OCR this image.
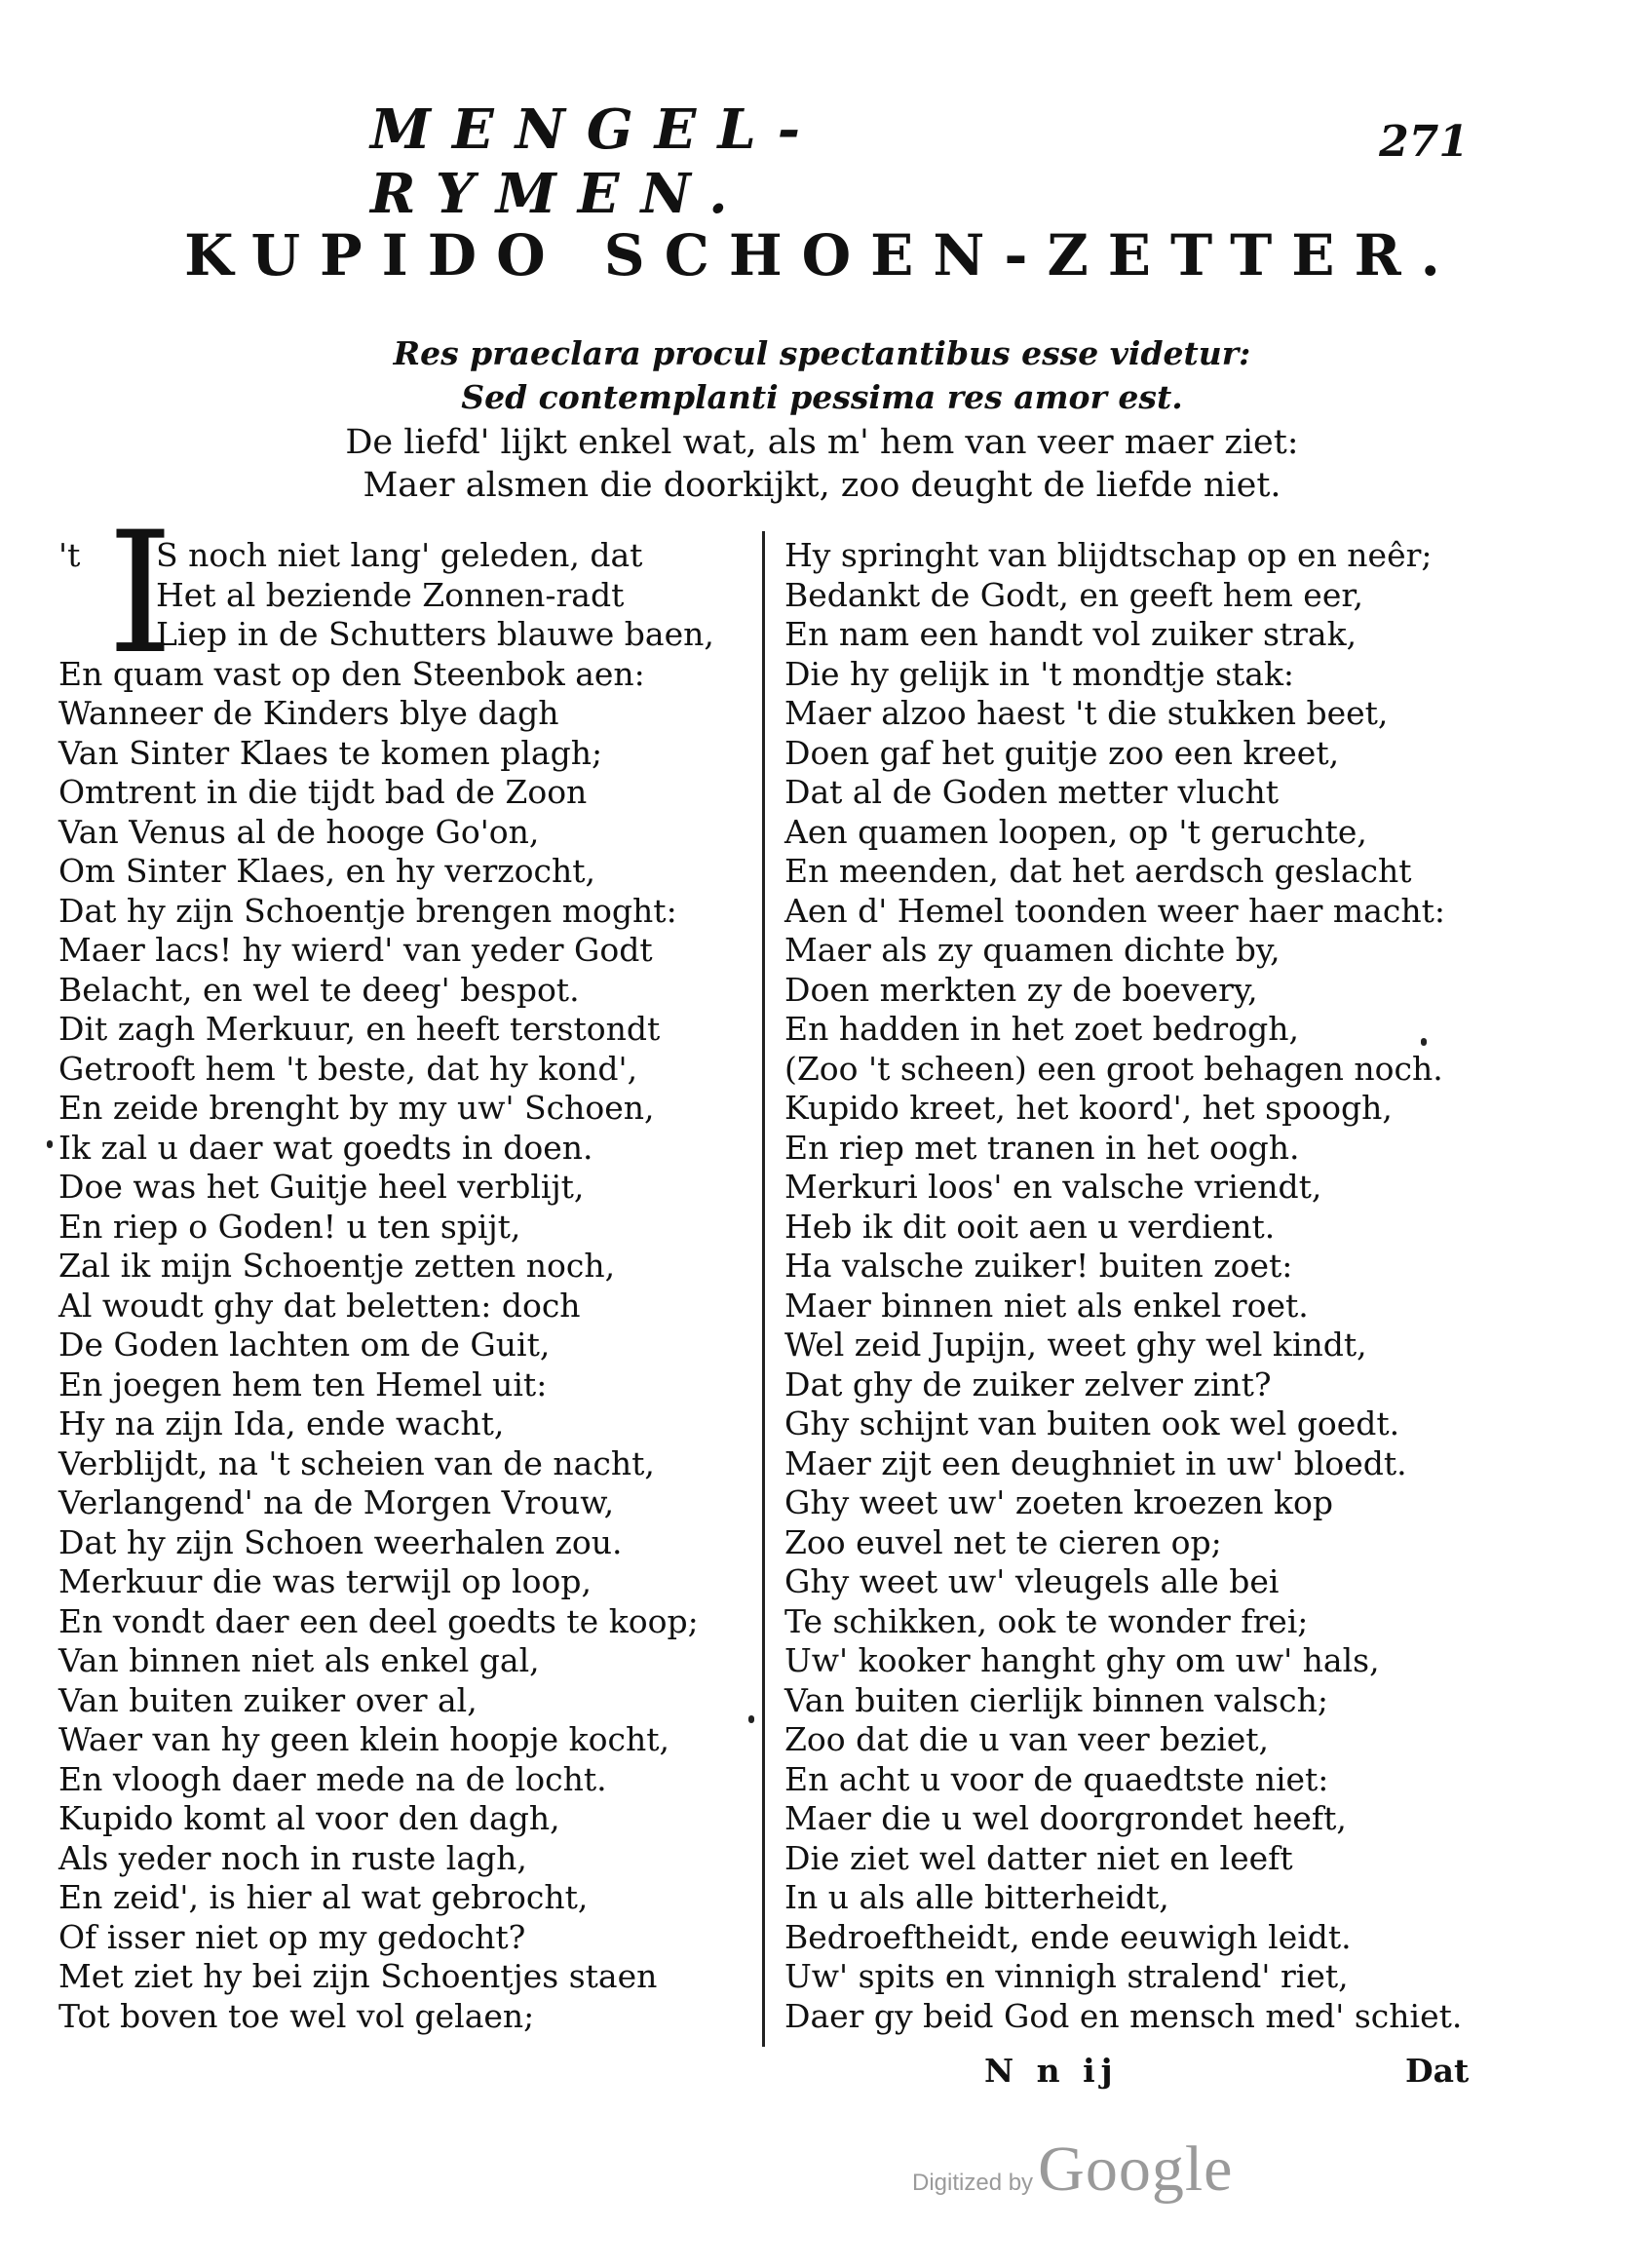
MENGEL-RYMEN.
271
KUPIDO SCHOEN-ZETTER.
Res praeclara procul spectantibus esse videtur:
Sed contemplanti pessima res amor est.
De liefd' lijkt enkel wat, als m' hem van veer maer ziet:
Maer alsmen die doorkijkt, zoo deught de liefde niet.
't I
S noch niet lang' geleden, dat
Het al beziende Zonnen-radt
Liep in de Schutters blauwe baen,
En quam vast op den Steenbok aen:
Wanneer de Kinders blye dagh
Van Sinter Klaes te komen plagh;
Omtrent in die tijdt bad de Zoon
Van Venus al de hooge Go'on,
Om Sinter Klaes, en hy verzocht,
Dat hy zijn Schoentje brengen moght:
Maer lacs! hy wierd' van yeder Godt
Belacht, en wel te deeg' bespot.
Dit zagh Merkuur, en heeft terstondt
Getrooft hem 't beste, dat hy kond',
En zeide brenght by my uw' Schoen,
Ik zal u daer wat goedts in doen.
Doe was het Guitje heel verblijt,
En riep o Goden! u ten spijt,
Zal ik mijn Schoentje zetten noch,
Al woudt ghy dat beletten: doch
De Goden lachten om de Guit,
En joegen hem ten Hemel uit:
Hy na zijn Ida, ende wacht,
Verblijdt, na 't scheien van de nacht,
Verlangend' na de Morgen Vrouw,
Dat hy zijn Schoen weerhalen zou.
Merkuur die was terwijl op loop,
En vondt daer een deel goedts te koop;
Van binnen niet als enkel gal,
Van buiten zuiker over al,
Waer van hy geen klein hoopje kocht,
En vloogh daer mede na de locht.
Kupido komt al voor den dagh,
Als yeder noch in ruste lagh,
En zeid', is hier al wat gebrocht,
Of isser niet op my gedocht?
Met ziet hy bei zijn Schoentjes staen
Tot boven toe wel vol gelaen;
Hy springht van blijdtschap op en neêr;
Bedankt de Godt, en geeft hem eer,
En nam een handt vol zuiker strak,
Die hy gelijk in 't mondtje stak:
Maer alzoo haest 't die stukken beet,
Doen gaf het guitje zoo een kreet,
Dat al de Goden metter vlucht
Aen quamen loopen, op 't geruchte,
En meenden, dat het aerdsch geslacht
Aen d' Hemel toonden weer haer macht:
Maer als zy quamen dichte by,
Doen merkten zy de boevery,
En hadden in het zoet bedrogh,
(Zoo 't scheen) een groot behagen noch.
Kupido kreet, het koord', het spoogh,
En riep met tranen in het oogh.
Merkuri loos' en valsche vriendt,
Heb ik dit ooit aen u verdient.
Ha valsche zuiker! buiten zoet:
Maer binnen niet als enkel roet.
Wel zeid Jupijn, weet ghy wel kindt,
Dat ghy de zuiker zelver zint?
Ghy schijnt van buiten ook wel goedt.
Maer zijt een deughniet in uw' bloedt.
Ghy weet uw' zoeten kroezen kop
Zoo euvel net te cieren op;
Ghy weet uw' vleugels alle bei
Te schikken, ook te wonder frei;
Uw' kooker hanght ghy om uw' hals,
Van buiten cierlijk binnen valsch;
Zoo dat die u van veer beziet,
En acht u voor de quaedtste niet:
Maer die u wel doorgrondet heeft,
Die ziet wel datter niet en leeft
In u als alle bitterheidt,
Bedroeftheidt, ende eeuwigh leidt.
Uw' spits en vinnigh stralend' riet,
Daer gy beid God en mensch med' schiet.
N n ij	Dat
Digitized by Google
